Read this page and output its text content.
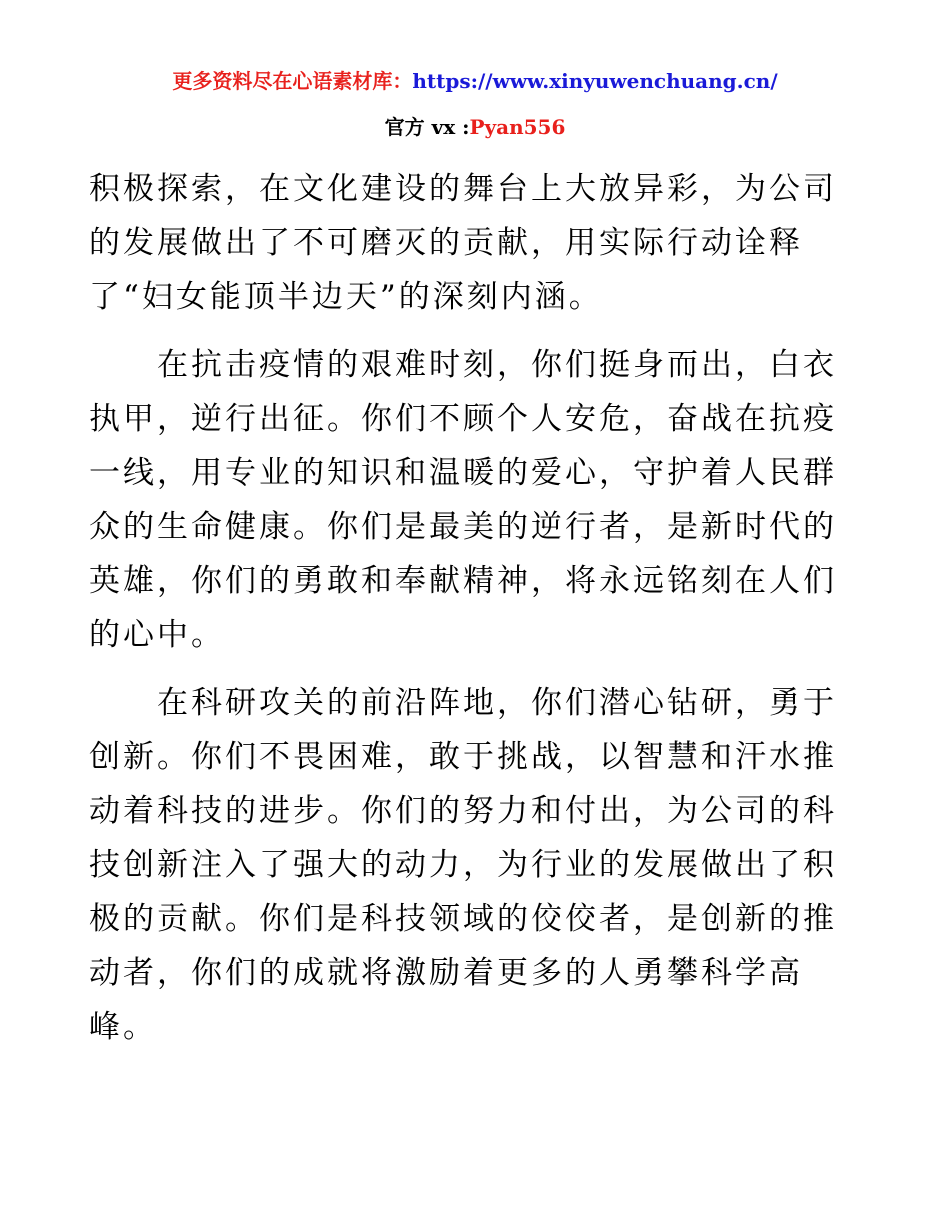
更多资料尽在心语素材库：https://www.xinyuwenchuang.cn/
官方 vx :Pyan556
积极探索，在文化建设的舞台上大放异彩，为公司
的发展做出了不可磨灭的贡献，用实际行动诠释
了“妇女能顶半边天”的深刻内涵。
　　在抗击疫情的艰难时刻，你们挺身而出，白衣
执甲，逆行出征。你们不顾个人安危，奋战在抗疫
一线，用专业的知识和温暖的爱心，守护着人民群
众的生命健康。你们是最美的逆行者，是新时代的
英雄，你们的勇敢和奉献精神，将永远铭刻在人们
的心中。
　　在科研攻关的前沿阵地，你们潜心钻研，勇于
创新。你们不畏困难，敢于挑战，以智慧和汗水推
动着科技的进步。你们的努力和付出，为公司的科
技创新注入了强大的动力，为行业的发展做出了积
极的贡献。你们是科技领域的佼佼者，是创新的推
动者，你们的成就将激励着更多的人勇攀科学高
峰。
